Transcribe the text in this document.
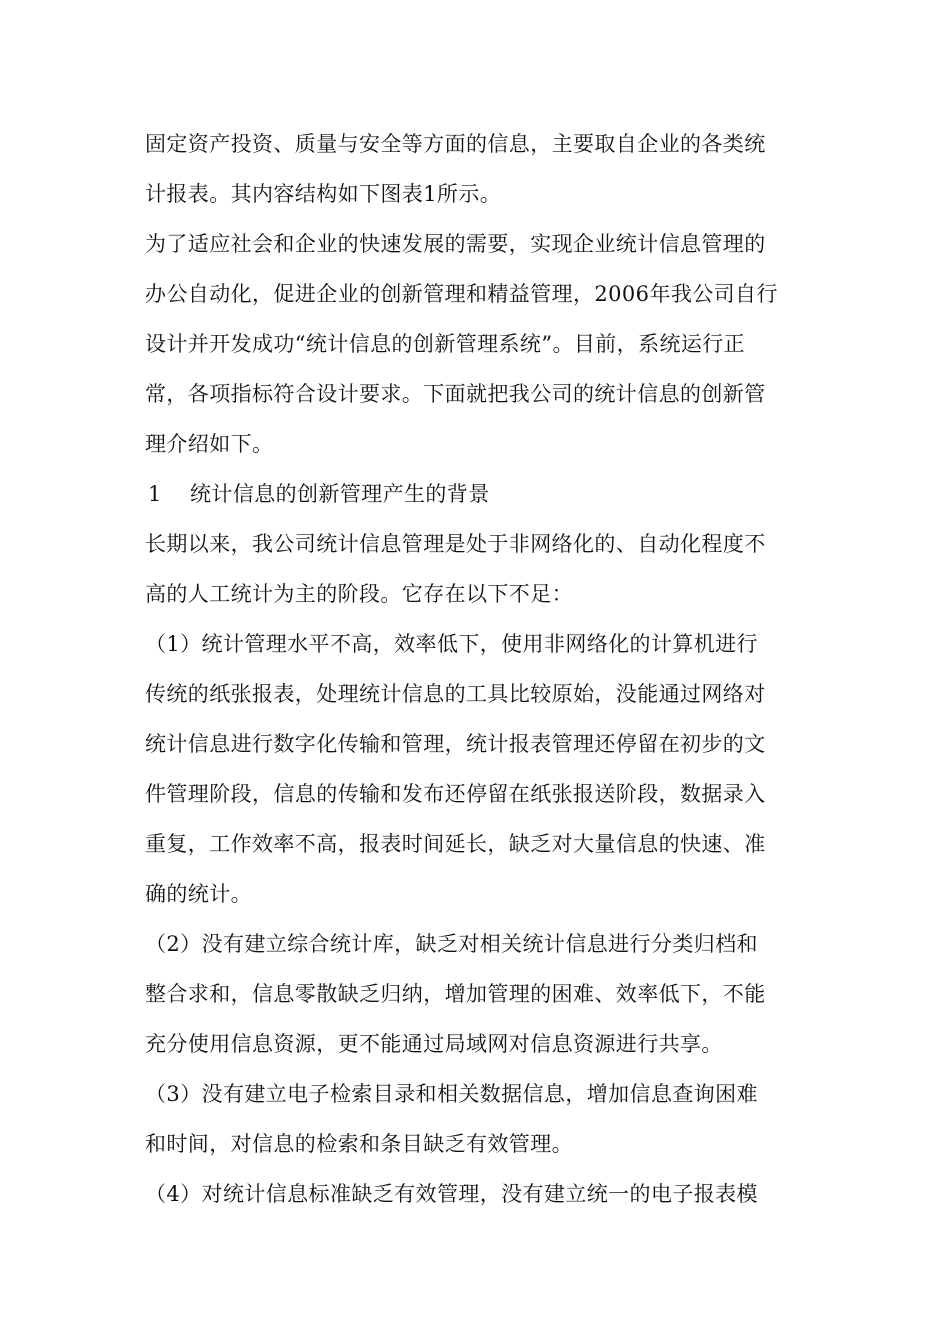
固定资产投资、质量与安全等方面的信息，主要取自企业的各类统
计报表。其内容结构如下图表1所示。
为了适应社会和企业的快速发展的需要，实现企业统计信息管理的
办公自动化，促进企业的创新管理和精益管理，2006年我公司自行
设计并开发成功“统计信息的创新管理系统”。目前，系统运行正
常，各项指标符合设计要求。下面就把我公司的统计信息的创新管
理介绍如下。
1 统计信息的创新管理产生的背景
长期以来，我公司统计信息管理是处于非网络化的、自动化程度不
高的人工统计为主的阶段。它存在以下不足：
（1）统计管理水平不高，效率低下，使用非网络化的计算机进行
传统的纸张报表，处理统计信息的工具比较原始，没能通过网络对
统计信息进行数字化传输和管理，统计报表管理还停留在初步的文
件管理阶段，信息的传输和发布还停留在纸张报送阶段，数据录入
重复，工作效率不高，报表时间延长，缺乏对大量信息的快速、准
确的统计。
（2）没有建立综合统计库，缺乏对相关统计信息进行分类归档和
整合求和，信息零散缺乏归纳，增加管理的困难、效率低下，不能
充分使用信息资源，更不能通过局域网对信息资源进行共享。
（3）没有建立电子检索目录和相关数据信息，增加信息查询困难
和时间，对信息的检索和条目缺乏有效管理。
（4）对统计信息标准缺乏有效管理，没有建立统一的电子报表模
